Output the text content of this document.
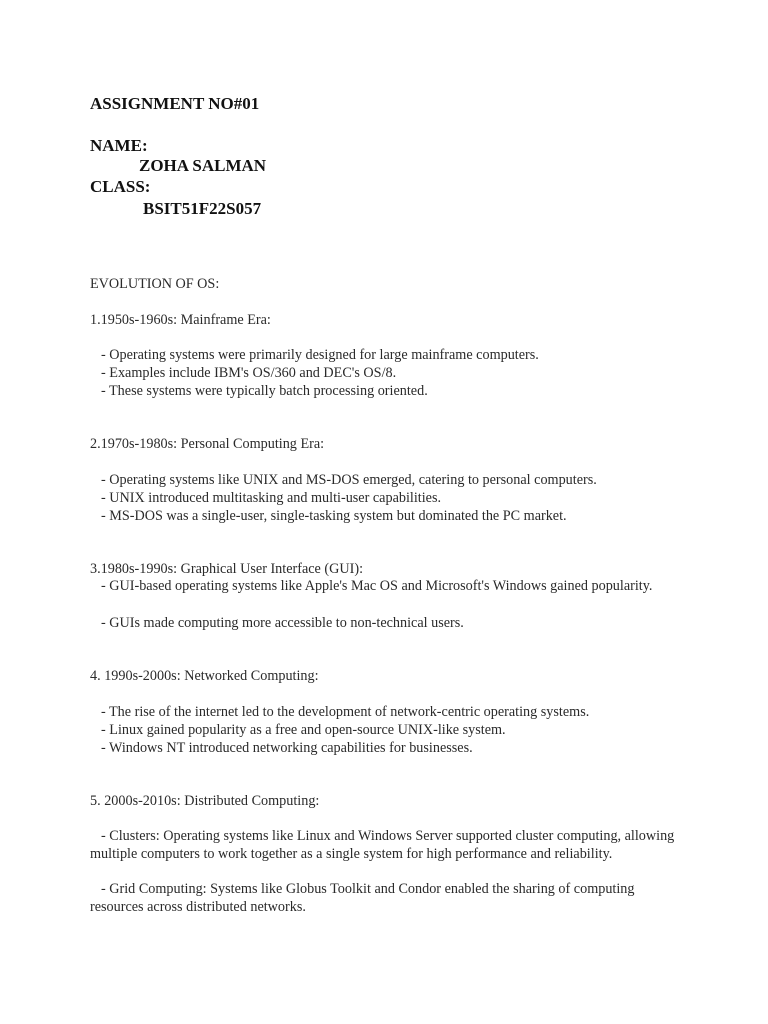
ASSIGNMENT NO#01
NAME:
ZOHA SALMAN
CLASS:
BSIT51F22S057
EVOLUTION OF OS:
1.1950s-1960s: Mainframe Era:
- Operating systems were primarily designed for large mainframe computers.
- Examples include IBM's OS/360 and DEC's OS/8.
- These systems were typically batch processing oriented.
2.1970s-1980s: Personal Computing Era:
- Operating systems like UNIX and MS-DOS emerged, catering to personal computers.
- UNIX introduced multitasking and multi-user capabilities.
- MS-DOS was a single-user, single-tasking system but dominated the PC market.
3.1980s-1990s: Graphical User Interface (GUI):
- GUI-based operating systems like Apple's Mac OS and Microsoft's Windows gained popularity.
- GUIs made computing more accessible to non-technical users.
4. 1990s-2000s: Networked Computing:
- The rise of the internet led to the development of network-centric operating systems.
- Linux gained popularity as a free and open-source UNIX-like system.
- Windows NT introduced networking capabilities for businesses.
5. 2000s-2010s: Distributed Computing:
- Clusters: Operating systems like Linux and Windows Server supported cluster computing, allowing multiple computers to work together as a single system for high performance and reliability.
- Grid Computing: Systems like Globus Toolkit and Condor enabled the sharing of computing resources across distributed networks.
